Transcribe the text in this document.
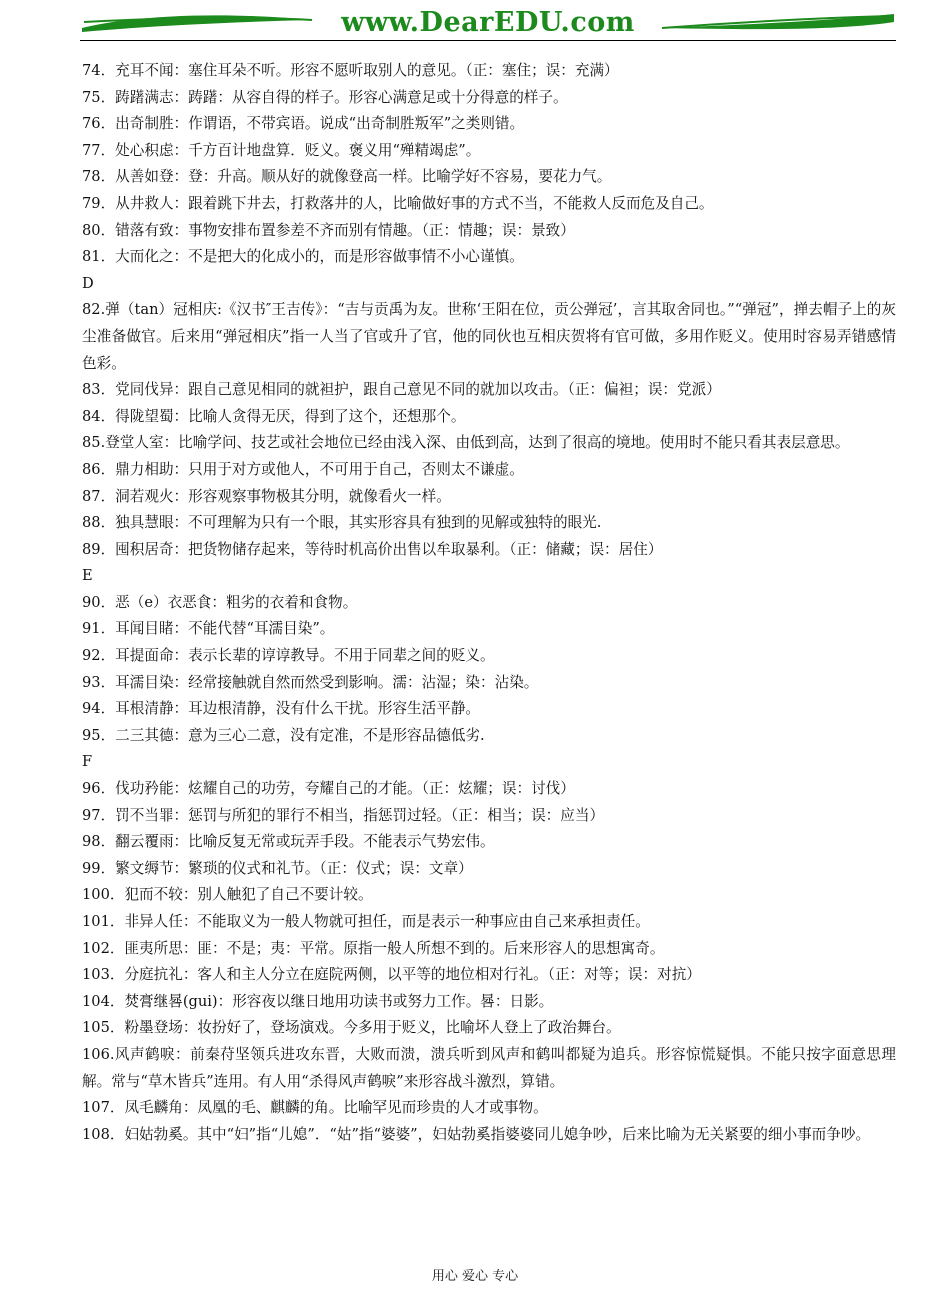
www.DearEDU.com
74．充耳不闻：塞住耳朵不听。形容不愿听取别人的意见。（正：塞住；误：充满）
75．踌躇满志：踌躇：从容自得的样子。形容心满意足或十分得意的样子。
76．出奇制胜：作谓语，不带宾语。说成“出奇制胜叛军”之类则错。
77．处心积虑：千方百计地盘算．贬义。褒义用“殚精竭虑”。
78．从善如登：登：升高。顺从好的就像登高一样。比喻学好不容易，要花力气。
79．从井救人：跟着跳下井去，打救落井的人，比喻做好事的方式不当，不能救人反而危及自己。
80．错落有致：事物安排布置参差不齐而别有情趣。（正：情趣；误：景致）
81．大而化之：不是把大的化成小的，而是形容做事情不小心谨慎。
D
82.弹（tan）冠相庆:《汉书″王吉传》：“吉与贡禹为友。世称‘王阳在位，贡公弹冠’，言其取舍同也。”“弹冠”，掸去帽子上的灰尘准备做官。后来用“弹冠相庆”指一人当了官或升了官，他的同伙也互相庆贺将有官可做，多用作贬义。使用时容易弄错感情色彩。
83．党同伐异：跟自己意见相同的就袒护，跟自己意见不同的就加以攻击。（正：偏袒；误：党派）
84．得陇望蜀：比喻人贪得无厌，得到了这个，还想那个。
85.登堂人室：比喻学问、技艺或社会地位已经由浅入深、由低到高，达到了很高的境地。使用时不能只看其表层意思。
86．鼎力相助：只用于对方或他人，不可用于自己，否则太不谦虚。
87．洞若观火：形容观察事物极其分明，就像看火一样。
88．独具慧眼：不可理解为只有一个眼，其实形容具有独到的见解或独特的眼光.
89．囤积居奇：把货物储存起来，等待时机高价出售以牟取暴利。（正：储藏；误：居住）
E
90．恶（e）衣恶食：粗劣的衣着和食物。
91．耳闻目睹：不能代替“耳濡目染”。
92．耳提面命：表示长辈的谆谆教导。不用于同辈之间的贬义。
93．耳濡目染：经常接触就自然而然受到影响。濡：沾湿；染：沾染。
94．耳根清静：耳边根清静，没有什么干扰。形容生活平静。
95．二三其德：意为三心二意，没有定准，不是形容品德低劣.
F
96．伐功矜能：炫耀自己的功劳，夸耀自己的才能。（正：炫耀；误：讨伐）
97．罚不当罪：惩罚与所犯的罪行不相当，指惩罚过轻。（正：相当；误：应当）
98．翻云覆雨：比喻反复无常或玩弄手段。不能表示气势宏伟。
99．繁文缛节：繁琐的仪式和礼节。（正：仪式；误：文章）
100．犯而不较：别人触犯了自己不要计较。
101．非异人任：不能取义为一般人物就可担任，而是表示一种事应由自己来承担责任。
102．匪夷所思：匪：不是；夷：平常。原指一般人所想不到的。后来形容人的思想寓奇。
103．分庭抗礼：客人和主人分立在庭院两侧，以平等的地位相对行礼。（正：对等；误：对抗）
104．焚膏继晷(gui)：形容夜以继日地用功读书或努力工作。晷：日影。
105．粉墨登场：妆扮好了，登场演戏。今多用于贬义，比喻坏人登上了政治舞台。
106.风声鹤唳：前秦苻坚领兵进攻东晋，大败而溃，溃兵听到风声和鹤叫都疑为追兵。形容惊慌疑惧。不能只按字面意思理解。常与“草木皆兵”连用。有人用“杀得风声鹤唳”来形容战斗激烈，算错。
107．凤毛麟角：凤凰的毛、麒麟的角。比喻罕见而珍贵的人才或事物。
108．妇姑勃奚。其中“妇”指“儿媳”．“姑”指“婆婆”，妇姑勃奚指婆婆同儿媳争吵，后来比喻为无关紧要的细小事而争吵。
用心 爱心 专心
